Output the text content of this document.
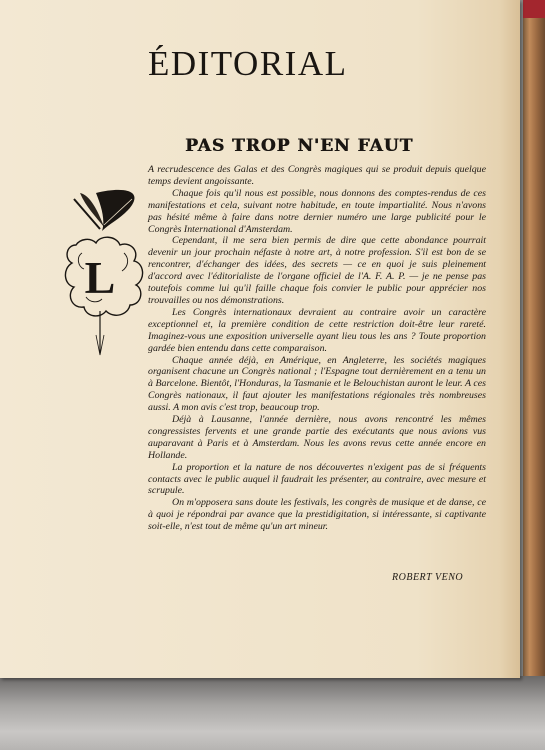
ÉDITORIAL
PAS TROP N'EN FAUT
L

A recrudescence des Galas et des Congrès magiques qui se produit depuis quelque temps devient angoissante.

Chaque fois qu'il nous est possible, nous donnons des comptes-rendus de ces manifestations et cela, suivant notre habitude, en toute impartialité. Nous n'avons pas hésité même à faire dans notre dernier numéro une large publicité pour le Congrès International d'Amsterdam.

Cependant, il me sera bien permis de dire que cette abondance pourrait devenir un jour prochain néfaste à notre art, à notre profession. S'il est bon de se rencontrer, d'échanger des idées, des secrets — ce en quoi je suis pleinement d'accord avec l'éditorialiste de l'organe officiel de l'A. F. A. P. — je ne pense pas toutefois comme lui qu'il faille chaque fois convier le public pour apprécier nos trouvailles ou nos démonstrations.

Les Congrès internationaux devraient au contraire avoir un caractère exceptionnel et, la première condition de cette restriction doit-être leur rareté. Imaginez-vous une exposition universelle ayant lieu tous les ans ? Toute proportion gardée bien entendu dans cette comparaison.

Chaque année déjà, en Amérique, en Angleterre, les sociétés magiques organisent chacune un Congrès national ; l'Espagne tout dernièrement en a tenu un à Barcelone. Bientôt, l'Honduras, la Tasmanie et le Belouchistan auront le leur. A ces Congrès nationaux, il faut ajouter les manifestations régionales très nombreuses aussi. A mon avis c'est trop, beaucoup trop.

Déjà à Lausanne, l'année dernière, nous avons rencontré les mêmes congressistes fervents et une grande partie des exécutants que nous avions vus auparavant à Paris et à Amsterdam. Nous les avons revus cette année encore en Hollande.

La proportion et la nature de nos découvertes n'exigent pas de si fréquents contacts avec le public auquel il faudrait les présenter, au contraire, avec mesure et scrupule.

On m'opposera sans doute les festivals, les congrès de musique et de danse, ce à quoi je répondrai par avance que la prestidigitation, si intéressante, si captivante soit-elle, n'est tout de même qu'un art mineur.

ROBERT VENO
